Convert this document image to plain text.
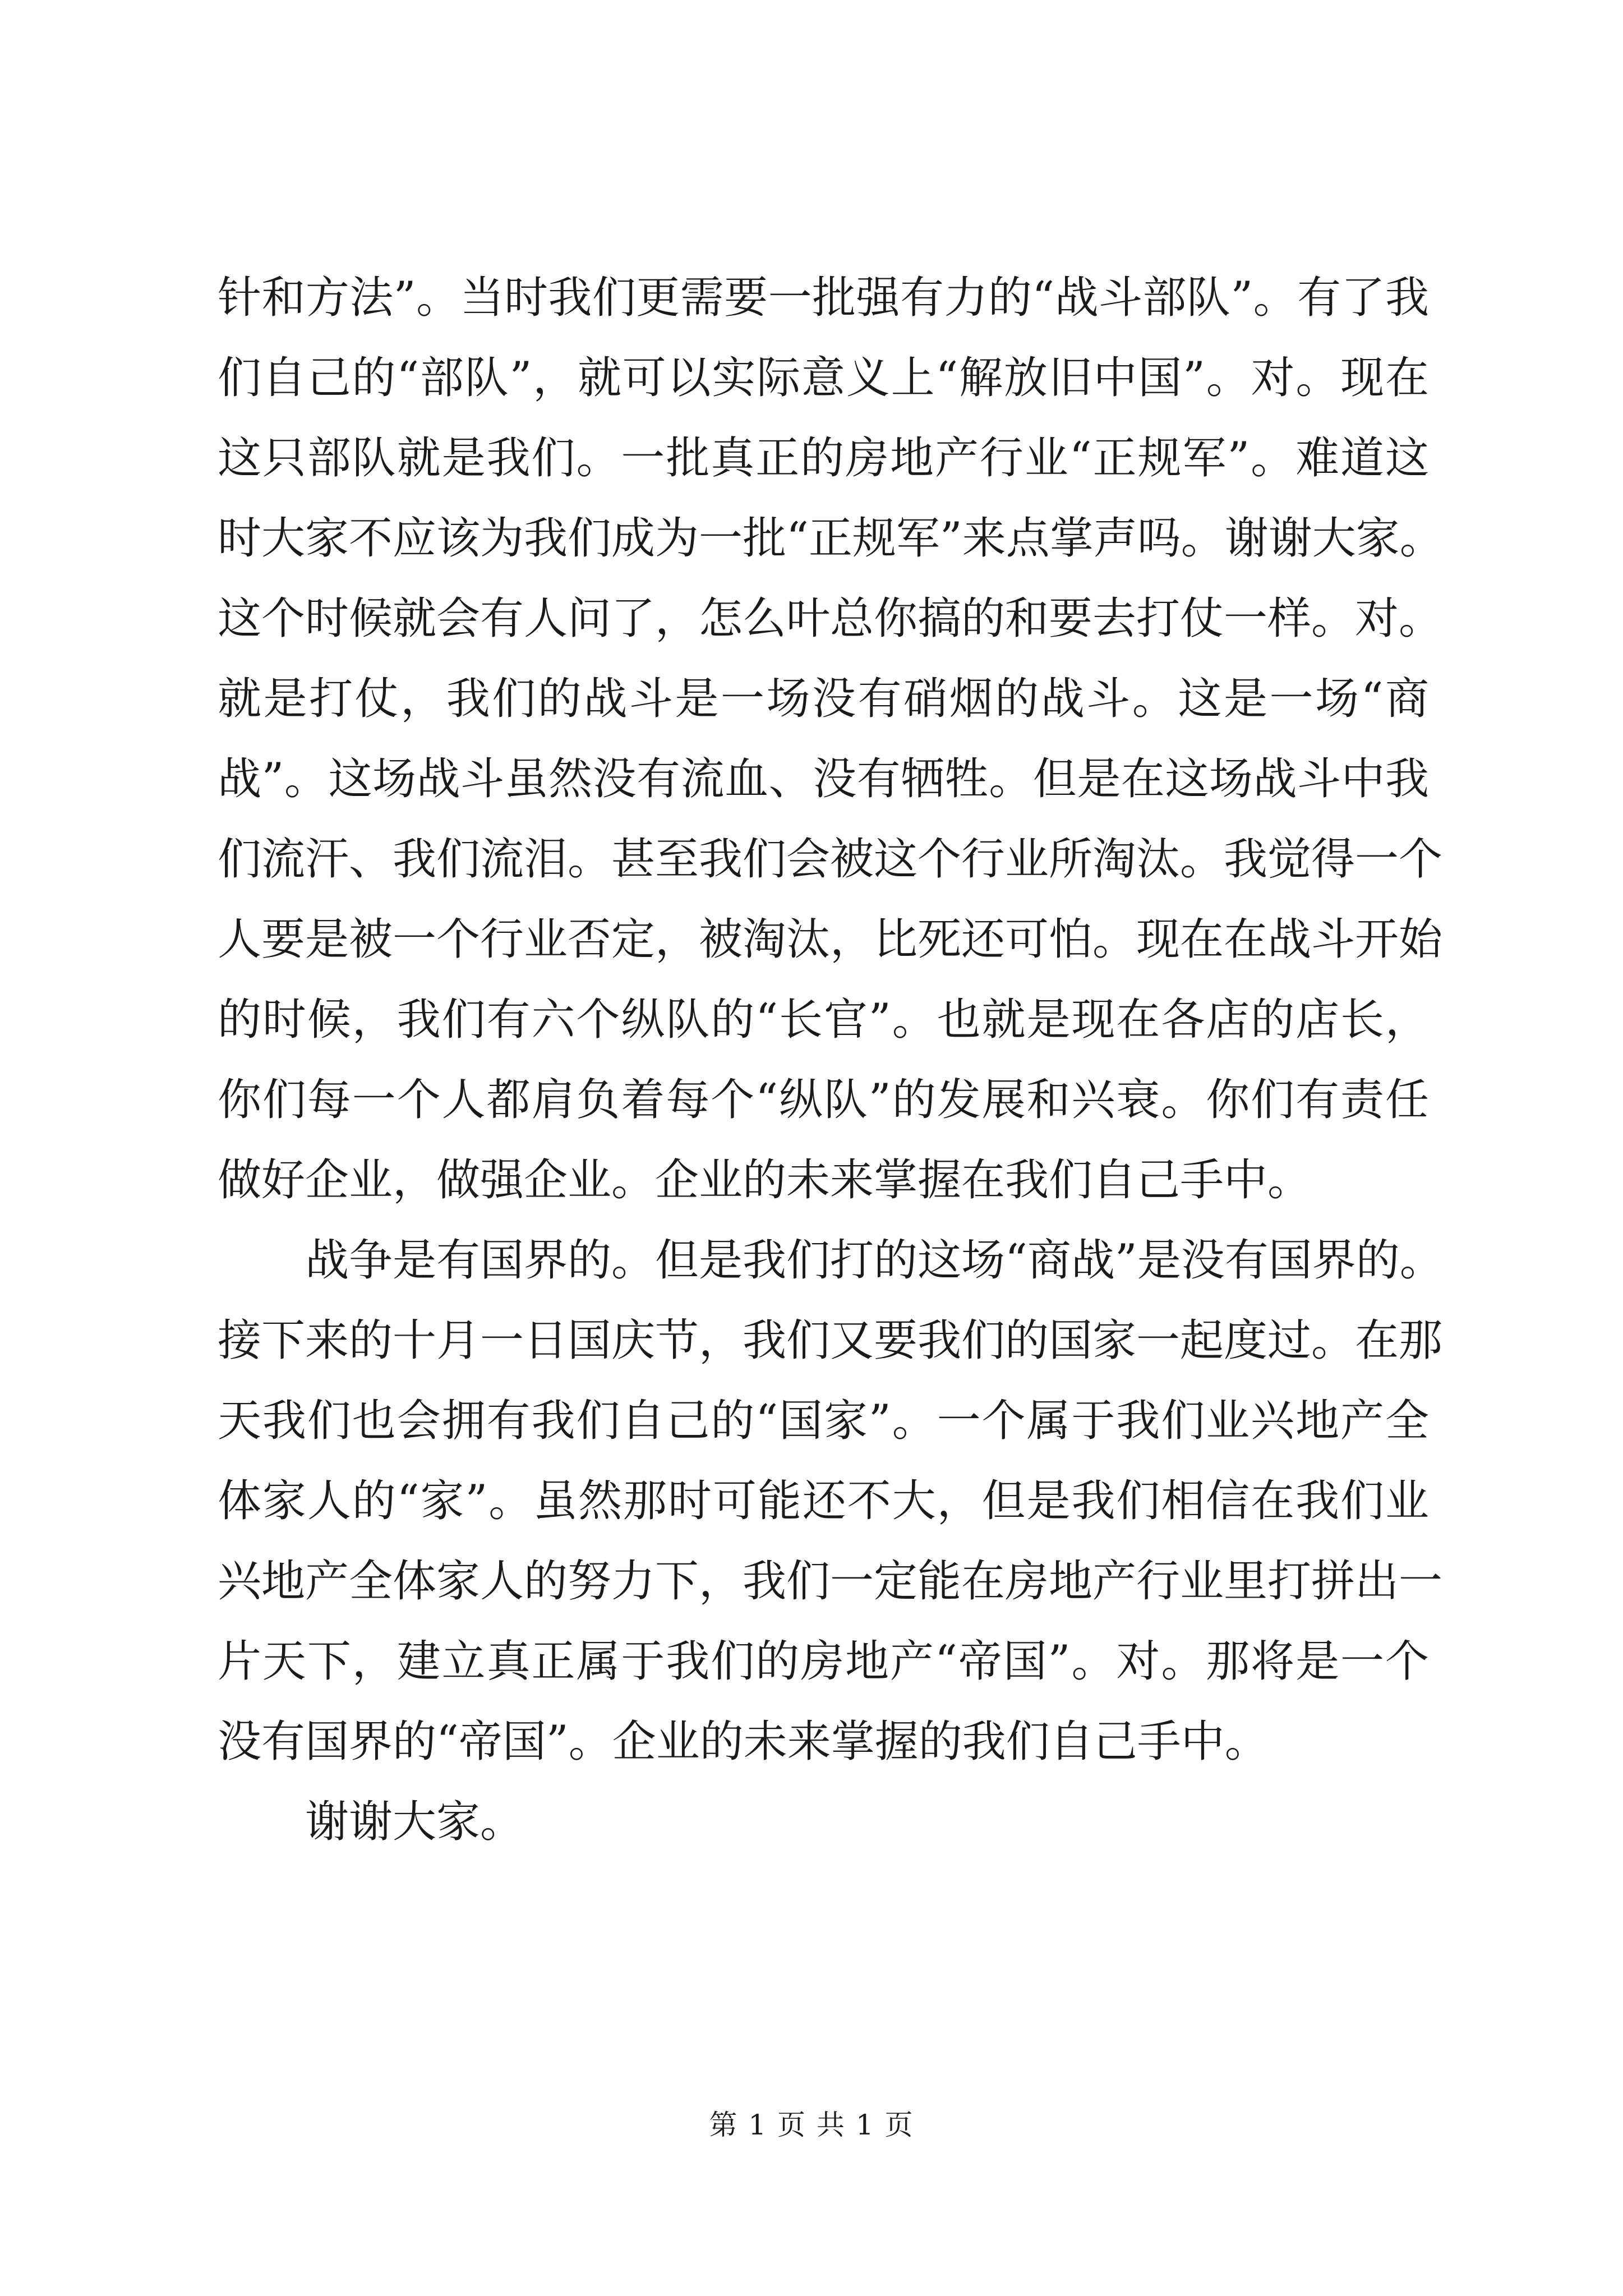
针和方法”。当时我们更需要一批强有力的“战斗部队”。有了我
们自己的“部队”，就可以实际意义上“解放旧中国”。对。现在
这只部队就是我们。一批真正的房地产行业“正规军”。难道这
时大家不应该为我们成为一批“正规军”来点掌声吗。谢谢大家。
这个时候就会有人问了，怎么叶总你搞的和要去打仗一样。对。
就是打仗，我们的战斗是一场没有硝烟的战斗。这是一场“商
战”。这场战斗虽然没有流血、没有牺牲。但是在这场战斗中我
们流汗、我们流泪。甚至我们会被这个行业所淘汰。我觉得一个
人要是被一个行业否定，被淘汰，比死还可怕。现在在战斗开始
的时候，我们有六个纵队的“长官”。也就是现在各店的店长，
你们每一个人都肩负着每个“纵队”的发展和兴衰。你们有责任
做好企业，做强企业。企业的未来掌握在我们自己手中。
战争是有国界的。但是我们打的这场“商战”是没有国界的。
接下来的十月一日国庆节，我们又要我们的国家一起度过。在那
天我们也会拥有我们自己的“国家”。一个属于我们业兴地产全
体家人的“家”。虽然那时可能还不大，但是我们相信在我们业
兴地产全体家人的努力下，我们一定能在房地产行业里打拼出一
片天下，建立真正属于我们的房地产“帝国”。对。那将是一个
没有国界的“帝国”。企业的未来掌握的我们自己手中。
谢谢大家。
第 1 页 共 1 页
